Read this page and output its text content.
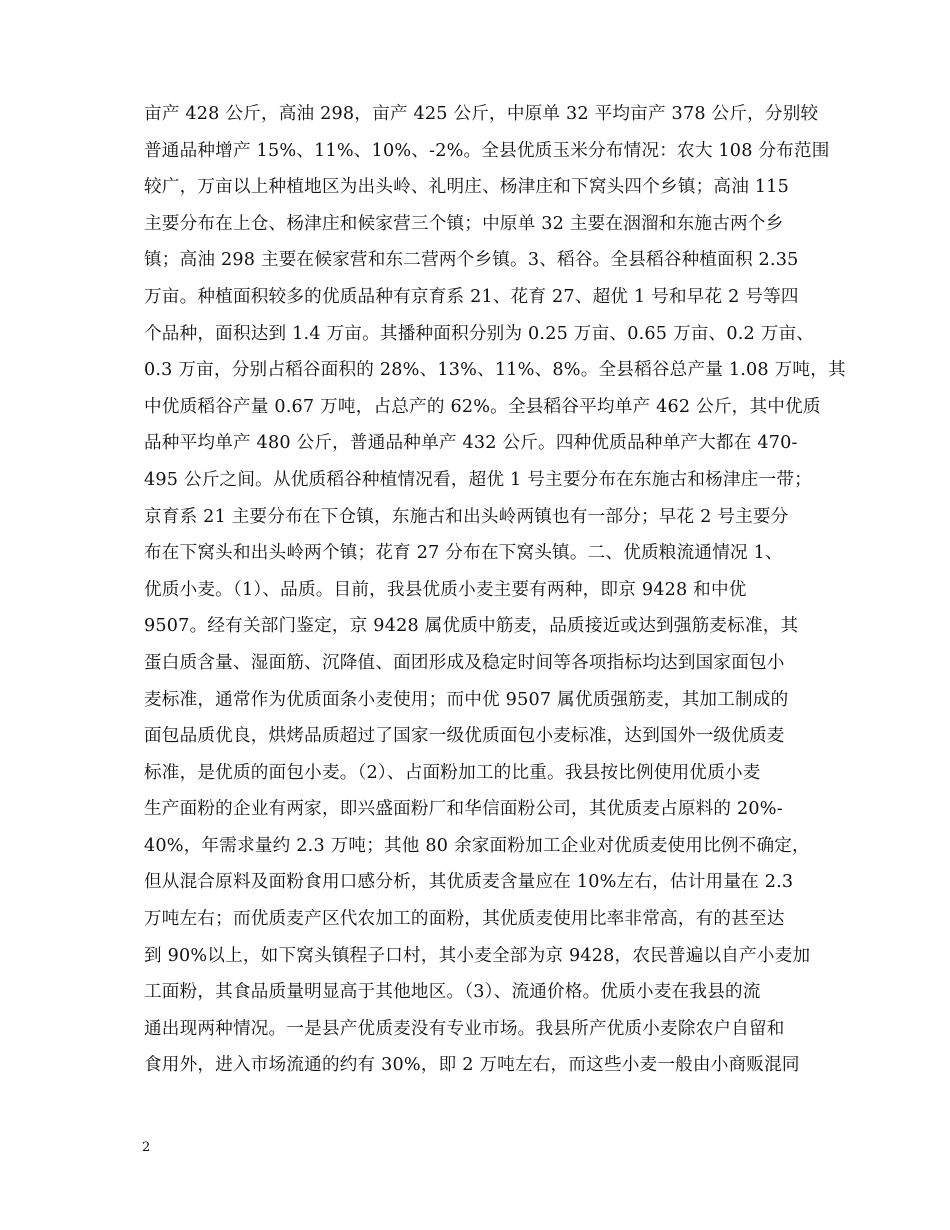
亩产 428 公斤，高油 298，亩产 425 公斤，中原单 32 平均亩产 378 公斤，分别较
普通品种增产 15%、11%、10%、-2%。全县优质玉米分布情况：农大 108 分布范围
较广，万亩以上种植地区为出头岭、礼明庄、杨津庄和下窝头四个乡镇；高油 115
主要分布在上仓、杨津庄和候家营三个镇；中原单 32 主要在洇溜和东施古两个乡
镇；高油 298 主要在候家营和东二营两个乡镇。3、稻谷。全县稻谷种植面积 2.35
万亩。种植面积较多的优质品种有京育系 21、花育 27、超优 1 号和早花 2 号等四
个品种，面积达到 1.4 万亩。其播种面积分别为 0.25 万亩、0.65 万亩、0.2 万亩、
0.3 万亩，分别占稻谷面积的 28%、13%、11%、8%。全县稻谷总产量 1.08 万吨，其
中优质稻谷产量 0.67 万吨，占总产的 62%。全县稻谷平均单产 462 公斤，其中优质
品种平均单产 480 公斤，普通品种单产 432 公斤。四种优质品种单产大都在 470-
495 公斤之间。从优质稻谷种植情况看，超优 1 号主要分布在东施古和杨津庄一带；
京育系 21 主要分布在下仓镇，东施古和出头岭两镇也有一部分；早花 2 号主要分
布在下窝头和出头岭两个镇；花育 27 分布在下窝头镇。二、优质粮流通情况 1、
优质小麦。（1）、品质。目前，我县优质小麦主要有两种，即京 9428 和中优
9507。经有关部门鉴定，京 9428 属优质中筋麦，品质接近或达到强筋麦标准，其
蛋白质含量、湿面筋、沉降值、面团形成及稳定时间等各项指标均达到国家面包小
麦标准，通常作为优质面条小麦使用；而中优 9507 属优质强筋麦，其加工制成的
面包品质优良，烘烤品质超过了国家一级优质面包小麦标准，达到国外一级优质麦
标准，是优质的面包小麦。（2）、占面粉加工的比重。我县按比例使用优质小麦
生产面粉的企业有两家，即兴盛面粉厂和华信面粉公司，其优质麦占原料的 20%-
40%，年需求量约 2.3 万吨；其他 80 余家面粉加工企业对优质麦使用比例不确定，
但从混合原料及面粉食用口感分析，其优质麦含量应在 10%左右，估计用量在 2.3
万吨左右；而优质麦产区代农加工的面粉，其优质麦使用比率非常高，有的甚至达
到 90%以上，如下窝头镇程子口村，其小麦全部为京 9428，农民普遍以自产小麦加
工面粉，其食品质量明显高于其他地区。（3）、流通价格。优质小麦在我县的流
通出现两种情况。一是县产优质麦没有专业市场。我县所产优质小麦除农户自留和
食用外，进入市场流通的约有 30%，即 2 万吨左右，而这些小麦一般由小商贩混同
2
